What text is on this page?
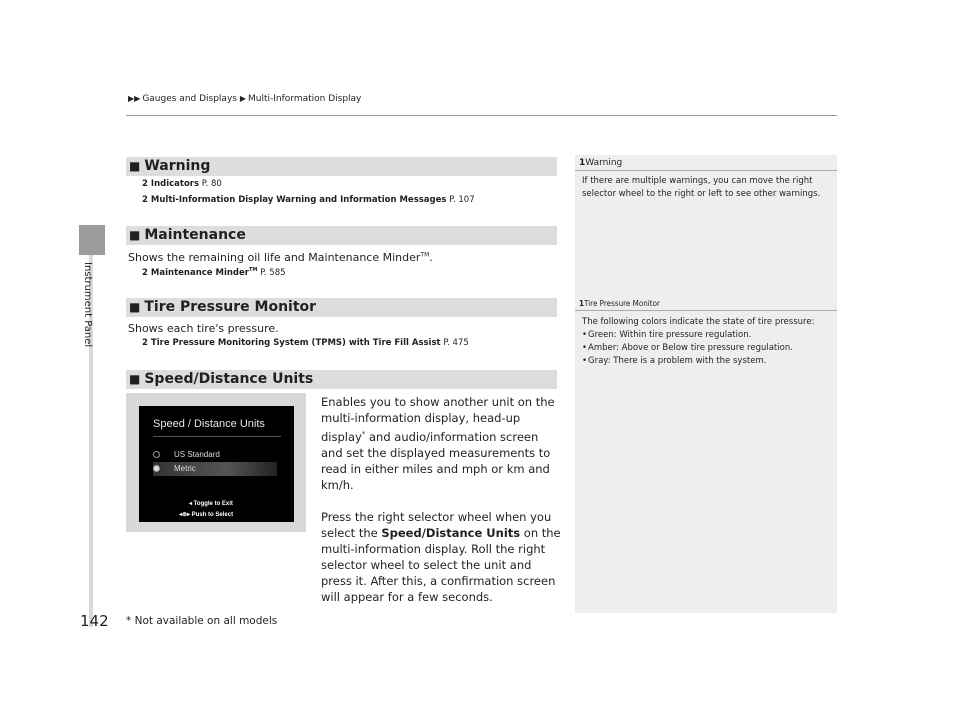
Instrument Panel
142
▶▶ Gauges and Displays ▶ Multi-Information Display
■ Warning
2 Indicators P. 80
2 Multi-Information Display Warning and Information Messages P. 107
■ Maintenance
Shows the remaining oil life and Maintenance Minder™.
2 Maintenance Minder™ P. 585
■ Tire Pressure Monitor
Shows each tire's pressure.
2 Tire Pressure Monitoring System (TPMS) with Tire Fill Assist P. 475
■ Speed/Distance Units
Speed / Distance Units
US Standard
Metric
◂ Toggle to Exit
◂⊚▸ Push to Select

Enables you to show another unit on the multi-information display, head-up display* and audio/information screen and set the displayed measurements to read in either miles and mph or km and km/h.

Press the right selector wheel when you select the Speed/Distance Units on the multi-information display. Roll the right selector wheel to select the unit and press it. After this, a confirmation screen will appear for a few seconds.

1Warning
If there are multiple warnings, you can move the right selector wheel to the right or left to see other warnings.
1Tire Pressure Monitor
The following colors indicate the state of tire pressure:
• Green: Within tire pressure regulation.
• Amber: Above or Below tire pressure regulation.
• Gray: There is a problem with the system.
* Not available on all models
